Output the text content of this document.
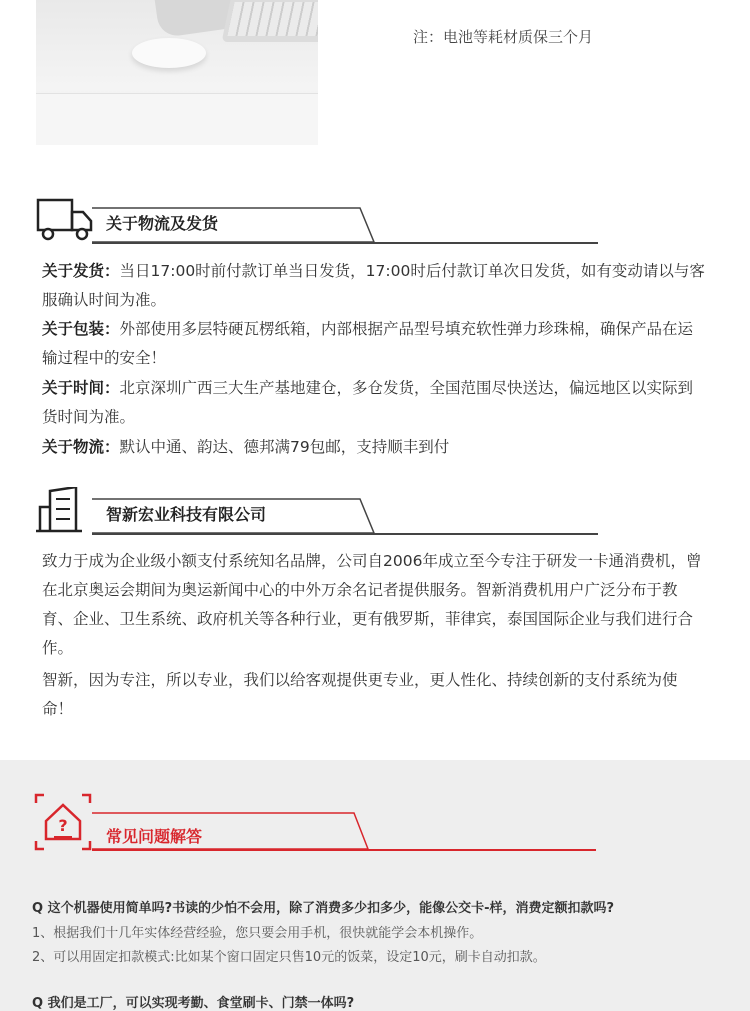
注：电池等耗材质保三个月
关于物流及发货
关于发货：当日17:00时前付款订单当日发货，17:00时后付款订单次日发货，如有变动请以与客服确认时间为准。
关于包装：外部使用多层特硬瓦楞纸箱，内部根据产品型号填充软性弹力珍珠棉，确保产品在运输过程中的安全！
关于时间：北京深圳广西三大生产基地建仓，多仓发货，全国范围尽快送达，偏远地区以实际到货时间为准。
关于物流：默认中通、韵达、德邦满79包邮，支持顺丰到付
智新宏业科技有限公司
致力于成为企业级小额支付系统知名品牌，公司自2006年成立至今专注于研发一卡通消费机，曾在北京奥运会期间为奥运新闻中心的中外万余名记者提供服务。智新消费机用户广泛分布于教育、企业、卫生系统、政府机关等各种行业，更有俄罗斯，菲律宾，泰国国际企业与我们进行合作。
智新，因为专注，所以专业，我们以给客观提供更专业，更人性化、持续创新的支付系统为使命！
?
常见问题解答
Q 这个机器使用简单吗?书读的少怕不会用，除了消费多少扣多少，能像公交卡-样，消费定额扣款吗?
1、根据我们十几年实体经营经验，您只要会用手机，很快就能学会本机操作。
2、可以用固定扣款模式:比如某个窗口固定只售10元的饭菜，设定10元，刷卡自动扣款。
Q 我们是工厂，可以实现考勤、食堂刷卡、门禁一体吗?
